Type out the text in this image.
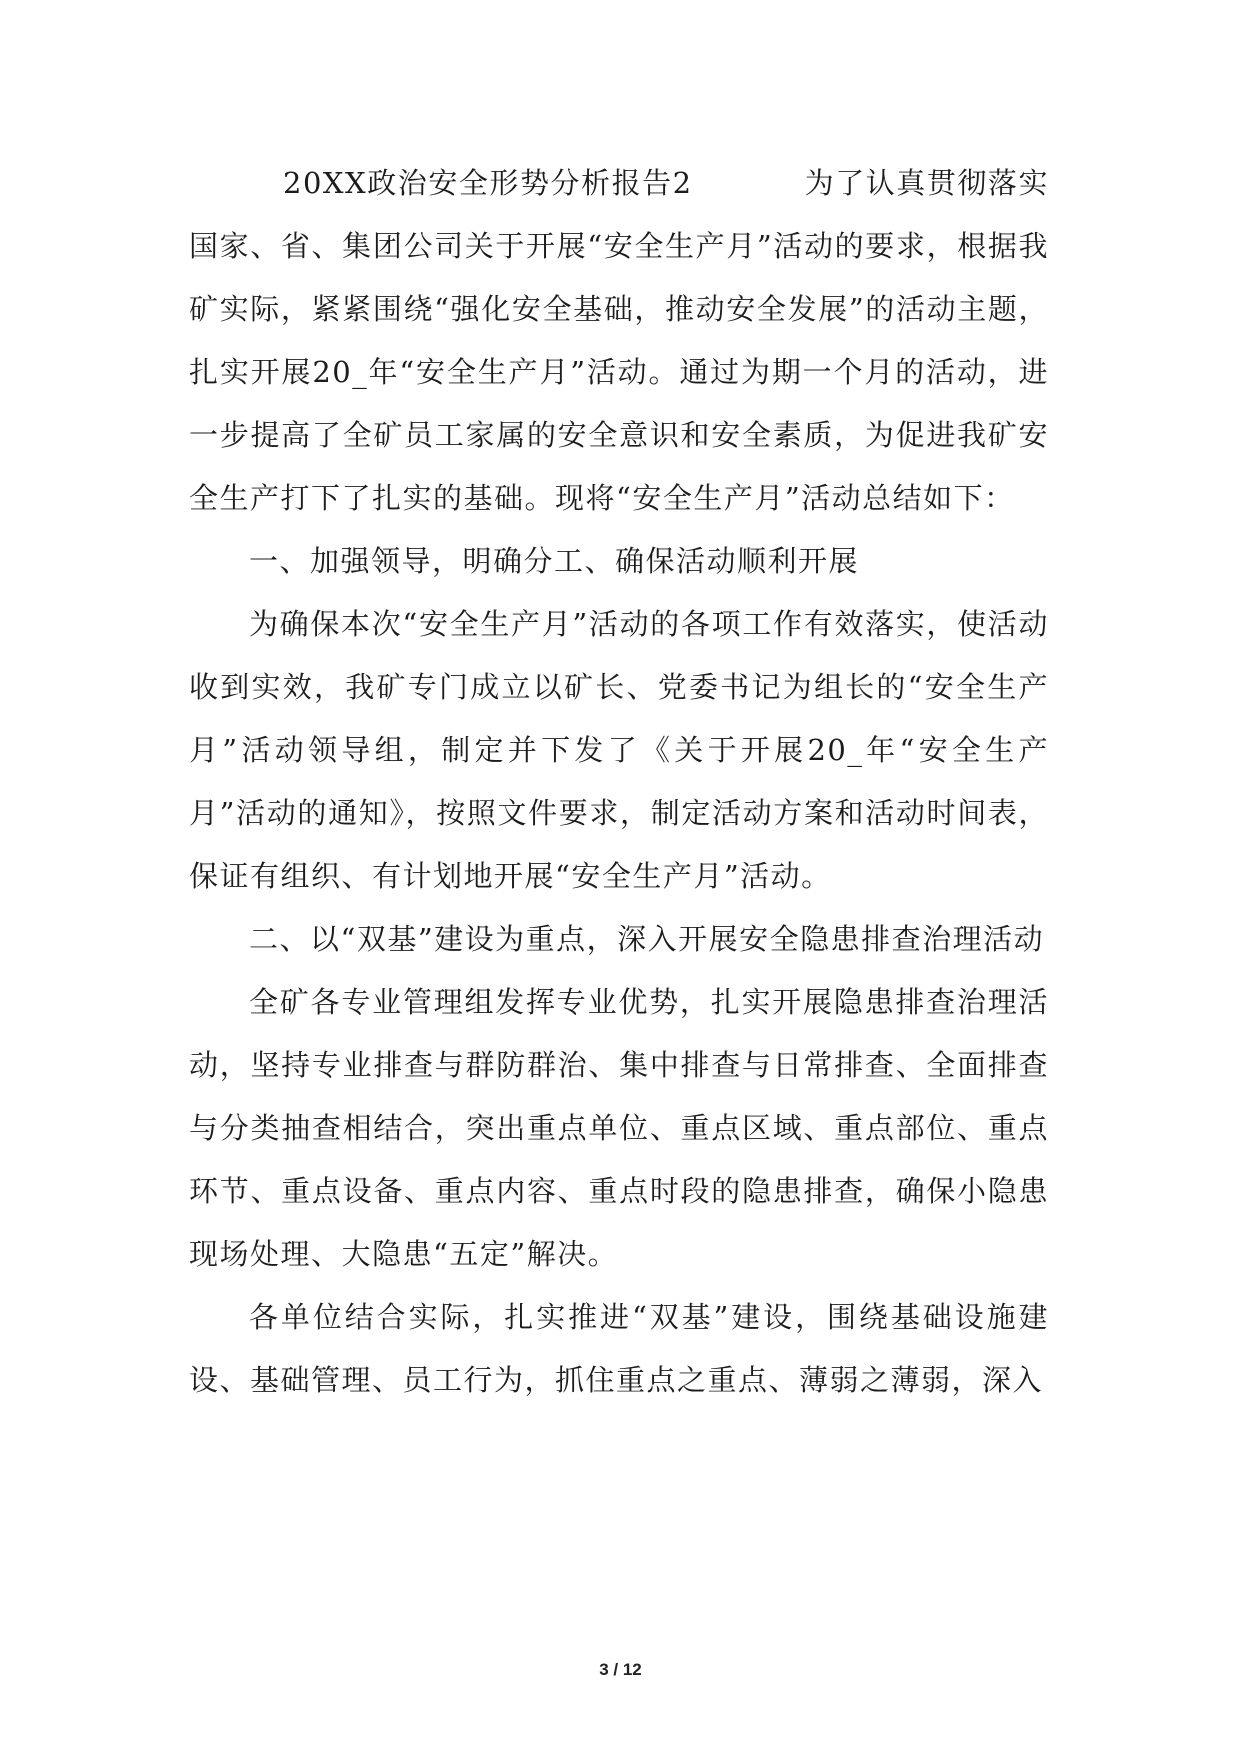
20XX政治安全形势分析报告2	为了认真贯彻落实国家、省、集团公司关于开展“安全生产月”活动的要求，根据我矿实际，紧紧围绕“强化安全基础，推动安全发展”的活动主题，扎实开展20_年“安全生产月”活动。通过为期一个月的活动，进一步提高了全矿员工家属的安全意识和安全素质，为促进我矿安全生产打下了扎实的基础。现将“安全生产月”活动总结如下：

一、加强领导，明确分工、确保活动顺利开展

为确保本次“安全生产月”活动的各项工作有效落实，使活动收到实效，我矿专门成立以矿长、党委书记为组长的“安全生产月”活动领导组，制定并下发了《关于开展20_年“安全生产月”活动的通知》，按照文件要求，制定活动方案和活动时间表，保证有组织、有计划地开展“安全生产月”活动。

二、以“双基”建设为重点，深入开展安全隐患排查治理活动

全矿各专业管理组发挥专业优势，扎实开展隐患排查治理活动，坚持专业排查与群防群治、集中排查与日常排查、全面排查与分类抽查相结合，突出重点单位、重点区域、重点部位、重点环节、重点设备、重点内容、重点时段的隐患排查，确保小隐患现场处理、大隐患“五定”解决。

各单位结合实际，扎实推进“双基”建设，围绕基础设施建设、基础管理、员工行为，抓住重点之重点、薄弱之薄弱，深入

3 / 12
